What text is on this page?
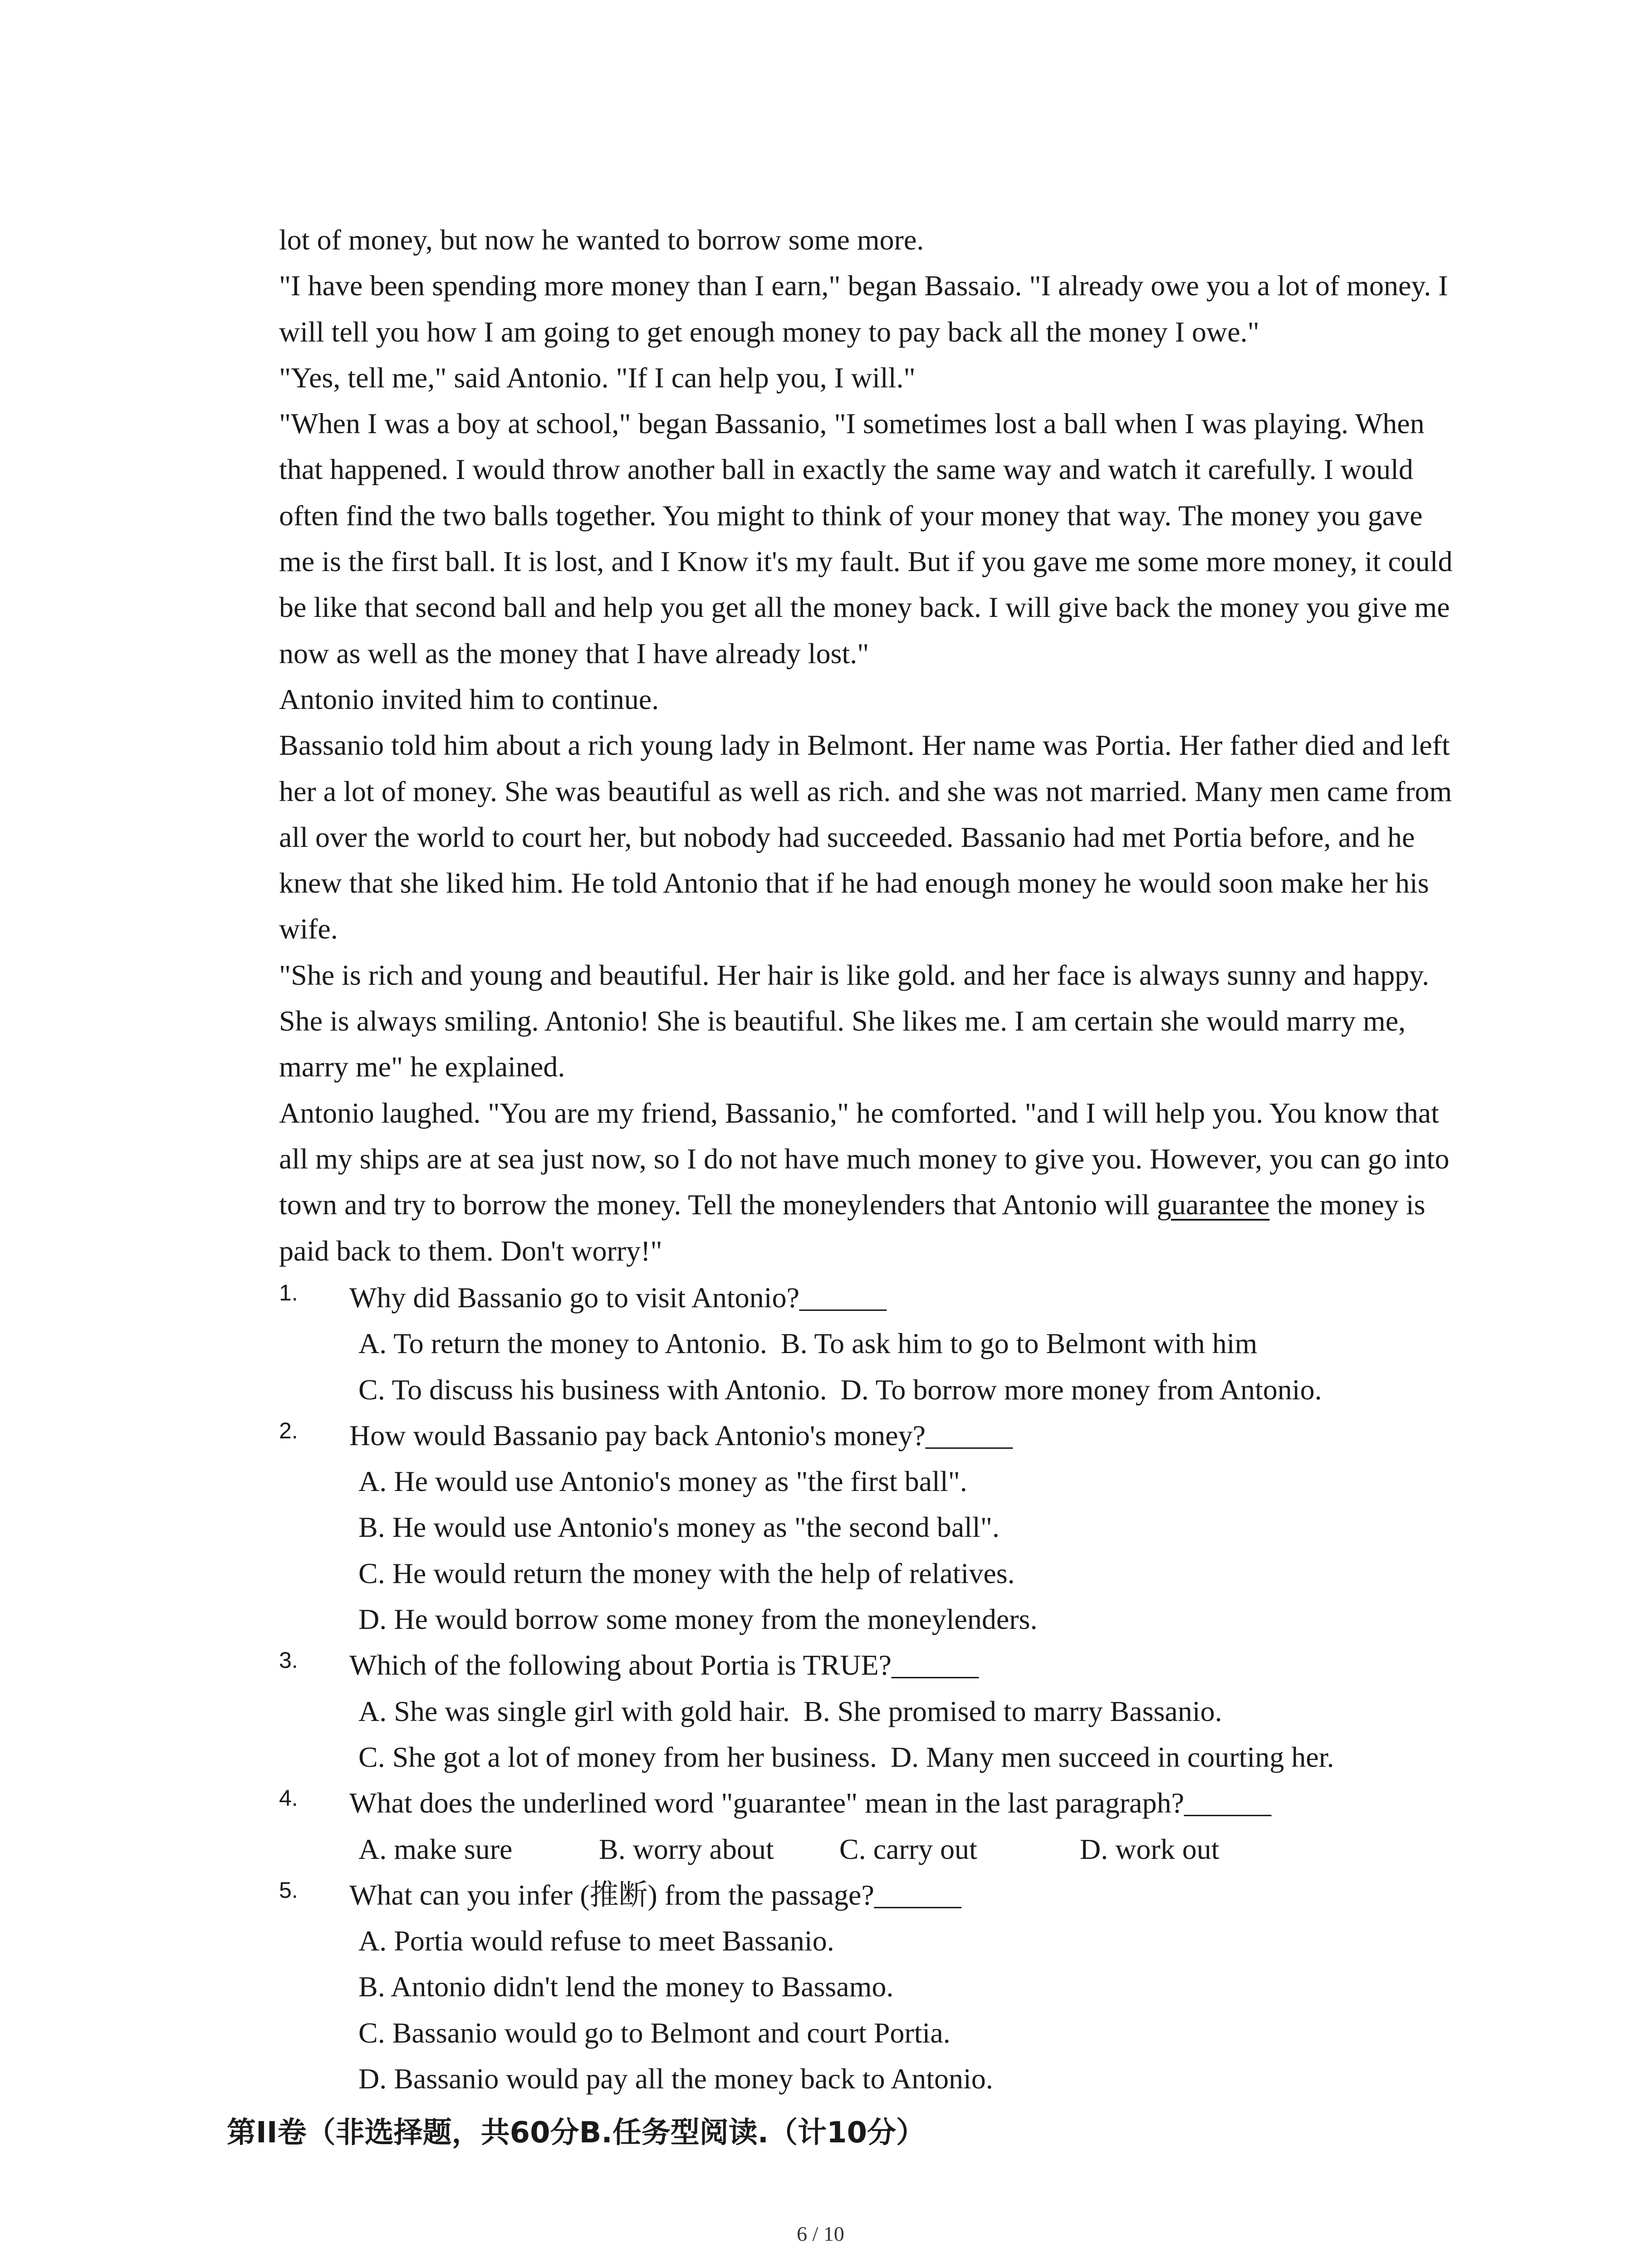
lot of money, but now he wanted to borrow some more.

"I have been spending more money than I earn," began Bassaio. "I already owe you a lot of money. I will tell you how I am going to get enough money to pay back all the money I owe."

"Yes, tell me," said Antonio. "If I can help you, I will."

"When I was a boy at school," began Bassanio, "I sometimes lost a ball when I was playing. When that happened. I would throw another ball in exactly the same way and watch it carefully. I would often find the two balls together. You might to think of your money that way. The money you gave me is the first ball. It is lost, and I Know it's my fault. But if you gave me some more money, it could be like that second ball and help you get all the money back. I will give back the money you give me now as well as the money that I have already lost."

Antonio invited him to continue.

Bassanio told him about a rich young lady in Belmont. Her name was Portia. Her father died and left her a lot of money. She was beautiful as well as rich. and she was not married. Many men came from all over the world to court her, but nobody had succeeded. Bassanio had met Portia before, and he knew that she liked him. He told Antonio that if he had enough money he would soon make her his wife.

"She is rich and young and beautiful. Her hair is like gold. and her face is always sunny and happy. She is always smiling. Antonio! She is beautiful. She likes me. I am certain she would marry me, marry me" he explained.

Antonio laughed. "You are my friend, Bassanio," he comforted. "and I will help you. You know that all my ships are at sea just now, so I do not have much money to give you. However, you can go into town and try to borrow the money. Tell the moneylenders that Antonio will guarantee the money is paid back to them. Don't worry!"

1. Why did Bassanio go to visit Antonio?______
A. To return the money to Antonio. B. To ask him to go to Belmont with him
C. To discuss his business with Antonio. D. To borrow more money from Antonio.
2. How would Bassanio pay back Antonio's money?______
A. He would use Antonio's money as "the first ball".
B. He would use Antonio's money as "the second ball".
C. He would return the money with the help of relatives.
D. He would borrow some money from the moneylenders.
3. Which of the following about Portia is TRUE?______
A. She was single girl with gold hair. B. She promised to marry Bassanio.
C. She got a lot of money from her business. D. Many men succeed in courting her.
4. What does the underlined word "guarantee" mean in the last paragraph?______
A. make sure	B. worry about C. carry out	D. work out
5. What can you infer (推断) from the passage?______
A. Portia would refuse to meet Bassanio.
B. Antonio didn't lend the money to Bassamo.
C. Bassanio would go to Belmont and court Portia.
D. Bassanio would pay all the money back to Antonio.
第II卷（非选择题，共60分B.任务型阅读.（计10分）
6 / 10
